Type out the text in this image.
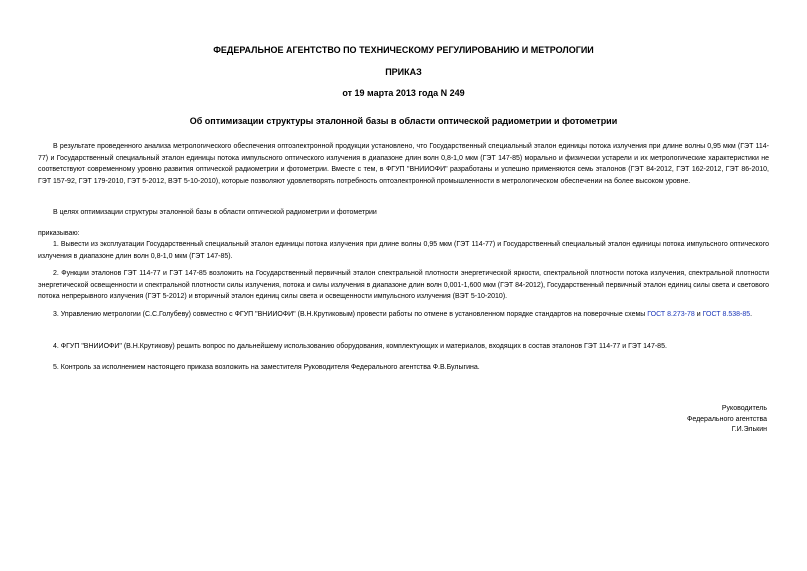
ФЕДЕРАЛЬНОЕ АГЕНТСТВО ПО ТЕХНИЧЕСКОМУ РЕГУЛИРОВАНИЮ И МЕТРОЛОГИИ
ПРИКАЗ
от 19 марта 2013 года N 249
Об оптимизации структуры эталонной базы в области оптической радиометрии и фотометрии
В результате проведенного анализа метрологического обеспечения оптоэлектронной продукции установлено, что Государственный специальный эталон единицы потока излучения при длине волны 0,95 мкм (ГЭТ 114-77) и Государственный специальный эталон единицы потока импульсного оптического излучения в диапазоне длин волн 0,8-1,0 мкм (ГЭТ 147-85) морально и физически устарели и их метрологические характеристики не соответствуют современному уровню развития оптической радиометрии и фотометрии. Вместе с тем, в ФГУП "ВНИИОФИ" разработаны и успешно применяются семь эталонов (ГЭТ 84-2012, ГЭТ 162-2012, ГЭТ 86-2010, ГЭТ 157-92, ГЭТ 179-2010, ГЭТ 5-2012, ВЭТ 5-10-2010), которые позволяют удовлетворять потребность оптоэлектронной промышленности в метрологическом обеспечении на более высоком уровне.
В целях оптимизации структуры эталонной базы в области оптической радиометрии и фотометрии
приказываю:
1. Вывести из эксплуатации Государственный специальный эталон единицы потока излучения при длине волны 0,95 мкм (ГЭТ 114-77) и Государственный специальный эталон единицы потока импульсного оптического излучения в диапазоне длин волн 0,8-1,0 мкм (ГЭТ 147-85).
2. Функции эталонов ГЭТ 114-77 и ГЭТ 147-85 возложить на Государственный первичный эталон спектральной плотности энергетической яркости, спектральной плотности потока излучения, спектральной плотности энергетической освещенности и спектральной плотности силы излучения, потока и силы излучения в диапазоне длин волн 0,001-1,600 мкм (ГЭТ 84-2012), Государственный первичный эталон единиц силы света и светового потока непрерывного излучения (ГЭТ 5-2012) и вторичный эталон единиц силы света и освещенности импульсного излучения (ВЭТ 5-10-2010).
3. Управлению метрологии (С.С.Голубеву) совместно с ФГУП "ВНИИОФИ" (В.Н.Крутиковым) провести работы по отмене в установленном порядке стандартов на поверочные схемы ГОСТ 8.273-78 и ГОСТ 8.538-85.
4. ФГУП "ВНИИОФИ" (В.Н.Крутикову) решить вопрос по дальнейшему использованию оборудования, комплектующих и материалов, входящих в состав эталонов ГЭТ 114-77 и ГЭТ 147-85.
5. Контроль за исполнением настоящего приказа возложить на заместителя Руководителя Федерального агентства Ф.В.Булыгина.
Руководитель
Федерального агентства
Г.И.Элькин
